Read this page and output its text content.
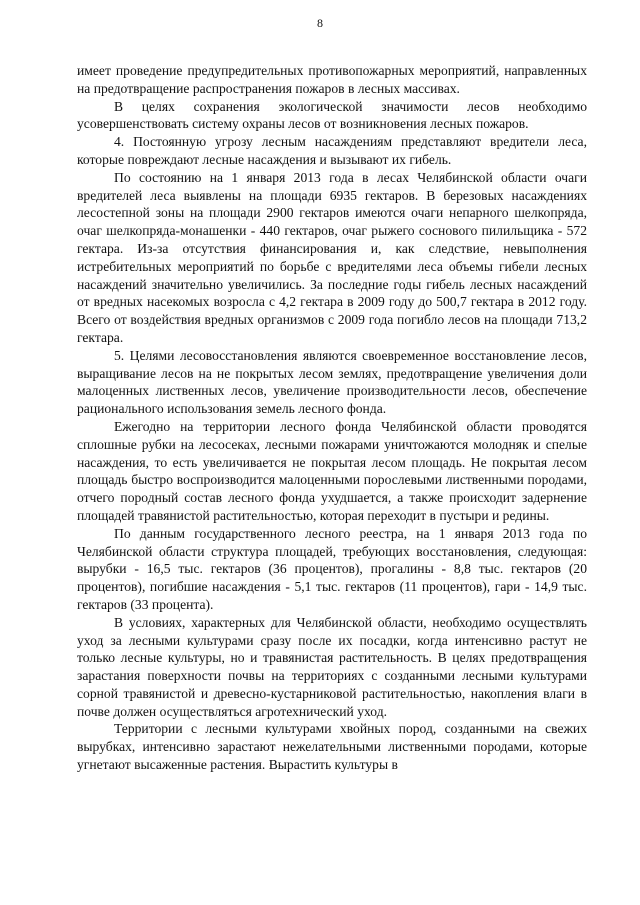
8

имеет проведение предупредительных противопожарных мероприятий, направленных на предотвращение распространения пожаров в лесных массивах.

В целях сохранения экологической значимости лесов необходимо усовершенствовать систему охраны лесов от возникновения лесных пожаров.

4. Постоянную угрозу лесным насаждениям представляют вредители леса, которые повреждают лесные насаждения и вызывают их гибель.

По состоянию на 1 января 2013 года в лесах Челябинской области очаги вредителей леса выявлены на площади 6935 гектаров. В березовых насаждениях лесостепной зоны на площади 2900 гектаров имеются очаги непарного шелкопряда, очаг шелкопряда-монашенки - 440 гектаров, очаг рыжего соснового пилильщика - 572 гектара. Из-за отсутствия финансирования и, как следствие, невыполнения истребительных мероприятий по борьбе с вредителями леса объемы гибели лесных насаждений значительно увеличились. За последние годы гибель лесных насаждений от вредных насекомых возросла с 4,2 гектара в 2009 году до 500,7 гектара в 2012 году. Всего от воздействия вредных организмов с 2009 года погибло лесов на площади 713,2 гектара.

5. Целями лесовосстановления являются своевременное восстановление лесов, выращивание лесов на не покрытых лесом землях, предотвращение увеличения доли малоценных лиственных лесов, увеличение производительности лесов, обеспечение рационального использования земель лесного фонда.

Ежегодно на территории лесного фонда Челябинской области проводятся сплошные рубки на лесосеках, лесными пожарами уничтожаются молодняк и спелые насаждения, то есть увеличивается не покрытая лесом площадь. Не покрытая лесом площадь быстро воспроизводится малоценными порослевыми лиственными породами, отчего породный состав лесного фонда ухудшается, а также происходит задернение площадей травянистой растительностью, которая переходит в пустыри и редины.

По данным государственного лесного реестра, на 1 января 2013 года по Челябинской области структура площадей, требующих восстановления, следующая: вырубки - 16,5 тыс. гектаров (36 процентов), прогалины - 8,8 тыс. гектаров (20 процентов), погибшие насаждения - 5,1 тыс. гектаров (11 процентов), гари - 14,9 тыс. гектаров (33 процента).

В условиях, характерных для Челябинской области, необходимо осуществлять уход за лесными культурами сразу после их посадки, когда интенсивно растут не только лесные культуры, но и травянистая растительность. В целях предотвращения зарастания поверхности почвы на территориях с созданными лесными культурами сорной травянистой и древесно-кустарниковой растительностью, накопления влаги в почве должен осуществляться агротехнический уход.

Территории с лесными культурами хвойных пород, созданными на свежих вырубках, интенсивно зарастают нежелательными лиственными породами, которые угнетают высаженные растения. Вырастить культуры в
